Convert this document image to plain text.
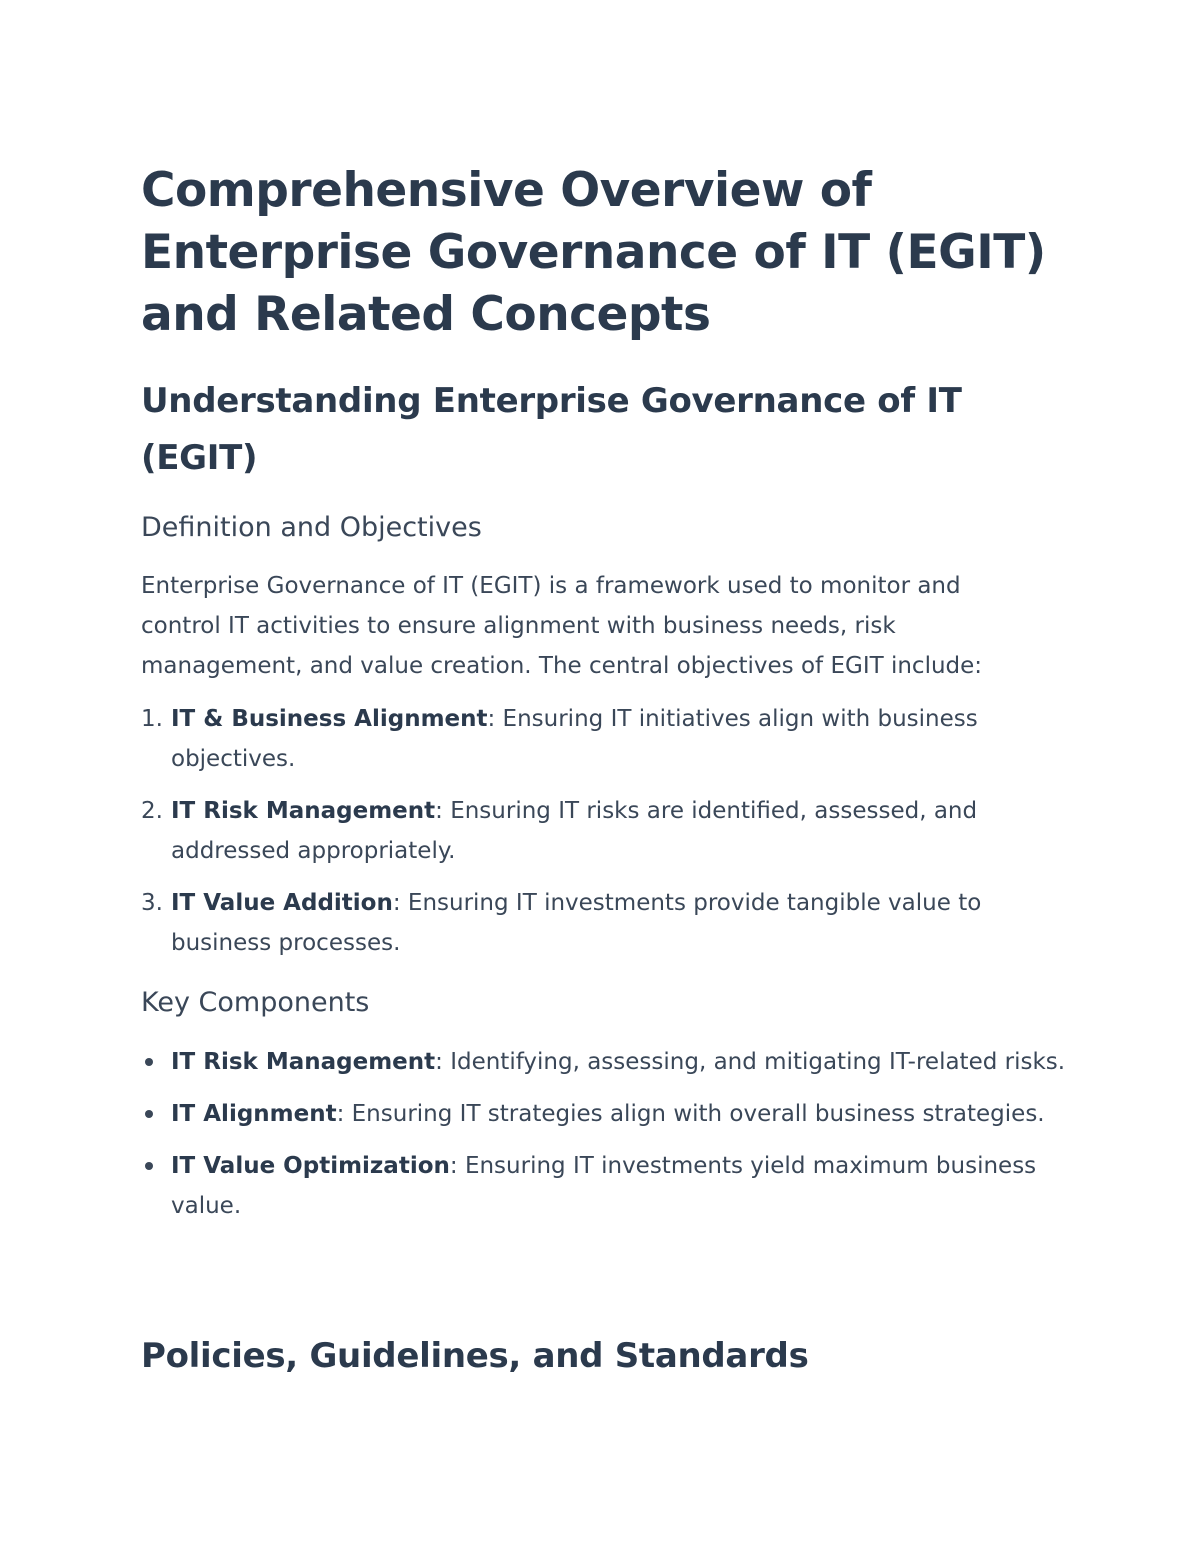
Comprehensive Overview of Enterprise Governance of IT (EGIT) and Related Concepts
Understanding Enterprise Governance of IT (EGIT)
Definition and Objectives

Enterprise Governance of IT (EGIT) is a framework used to monitor and control IT activities to ensure alignment with business needs, risk management, and value creation. The central objectives of EGIT include:

1. IT & Business Alignment: Ensuring IT initiatives align with business objectives.
2. IT Risk Management: Ensuring IT risks are identified, assessed, and addressed appropriately.
3. IT Value Addition: Ensuring IT investments provide tangible value to business processes.
Key Components
IT Risk Management: Identifying, assessing, and mitigating IT-related risks.
IT Alignment: Ensuring IT strategies align with overall business strategies.
IT Value Optimization: Ensuring IT investments yield maximum business value.
Policies, Guidelines, and Standards
